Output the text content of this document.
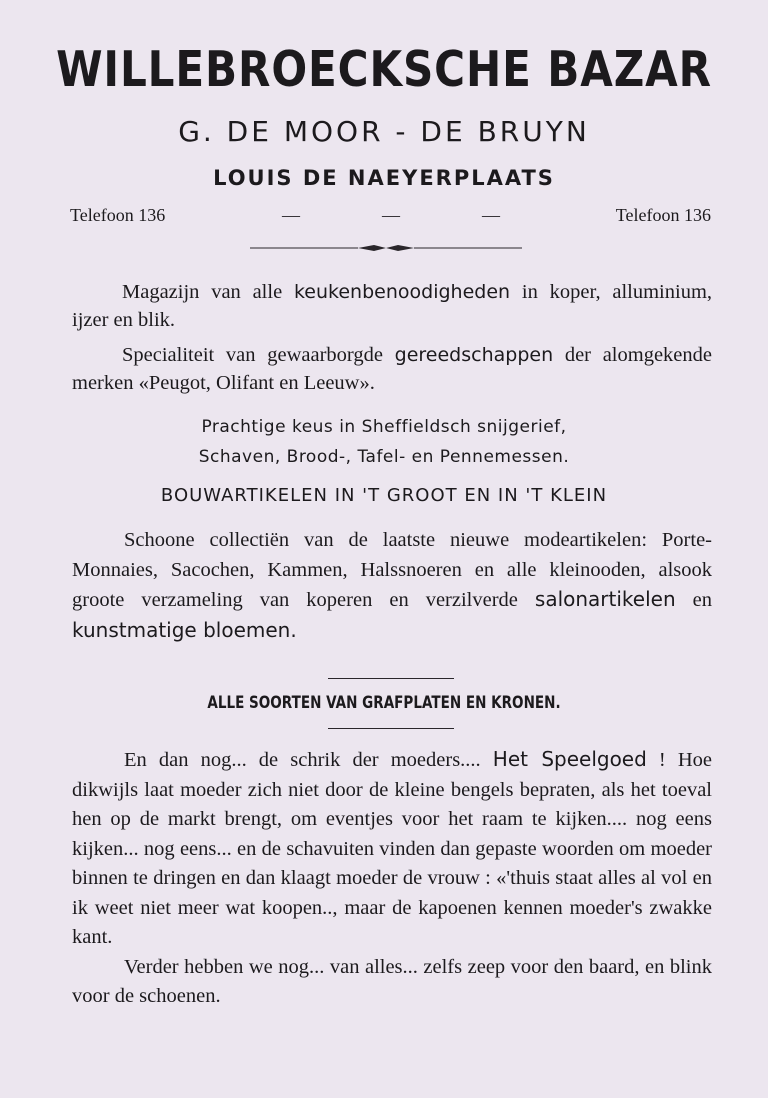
WILLEBROECKSCHE BAZAR
G. DE MOOR - DE BRUYN
LOUIS DE NAEYERPLAATS
Telefoon 136	—	—	—	Telefoon 136
Magazijn van alle keukenbenoodigheden in koper, alluminium, ijzer en blik.
Specialiteit van gewaarborgde gereedschappen der alomgekende merken «Peugot, Olifant en Leeuw».
Prachtige keus in Sheffieldsch snijgerief,
Schaven, Brood-, Tafel- en Pennemessen.
BOUWARTIKELEN IN 'T GROOT EN IN 'T KLEIN

Schoone collectiën van de laatste nieuwe modeartikelen: Porte-Monnaies, Sacochen, Kammen, Halssnoeren en alle kleinooden, alsook groote verzameling van koperen en verzilverde salonartikelen en kunstmatige bloemen.

ALLE SOORTEN VAN GRAFPLATEN EN KRONEN.

En dan nog... de schrik der moeders.... Het Speelgoed ! Hoe dikwijls laat moeder zich niet door de kleine bengels bepraten, als het toeval hen op de markt brengt, om eventjes voor het raam te kijken.... nog eens kijken... nog eens... en de schavuiten vinden dan gepaste woorden om moeder binnen te dringen en dan klaagt moeder de vrouw : «'thuis staat alles al vol en ik weet niet meer wat koopen.., maar de kapoenen kennen moeder's zwakke kant.

Verder hebben we nog... van alles... zelfs zeep voor den baard, en blink voor de schoenen.
